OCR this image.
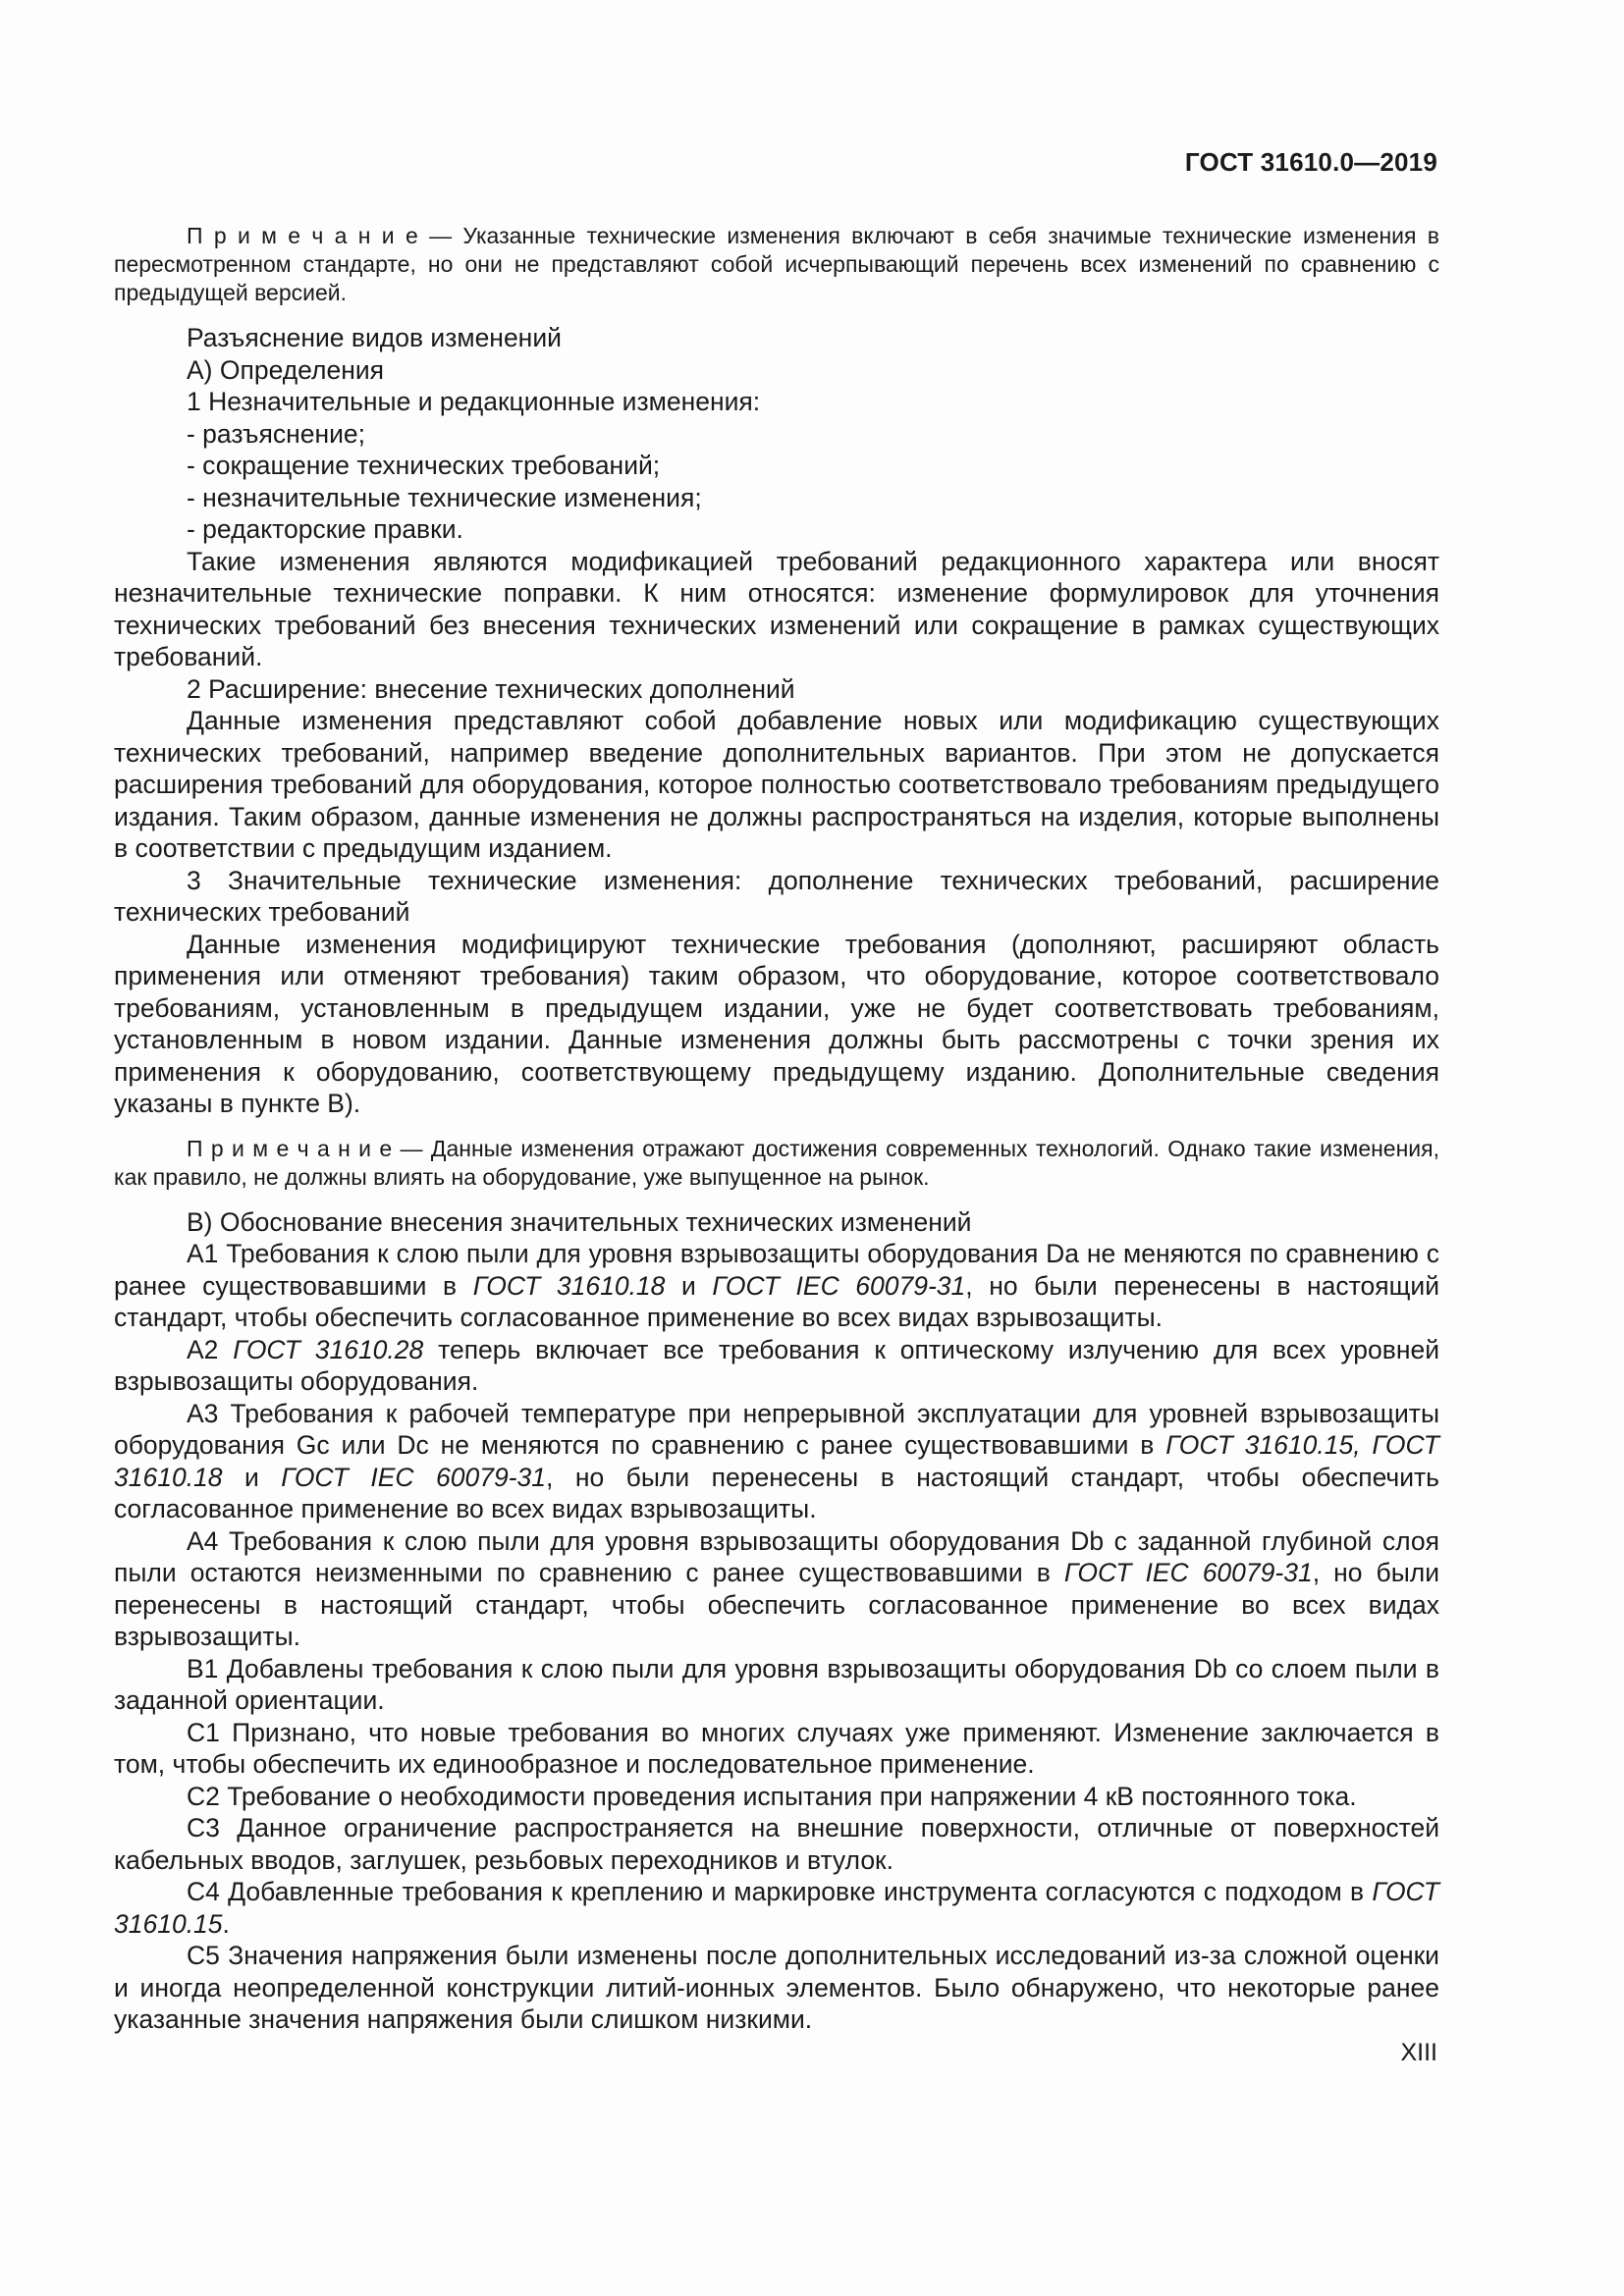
ГОСТ 31610.0—2019

П р и м е ч а н и е — Указанные технические изменения включают в себя значимые технические изменения в пересмотренном стандарте, но они не представляют собой исчерпывающий перечень всех изменений по сравнению с предыдущей версией.

Разъяснение видов изменений

А) Определения

1 Незначительные и редакционные изменения:

- разъяснение;

- сокращение технических требований;

- незначительные технические изменения;

- редакторские правки.

Такие изменения являются модификацией требований редакционного характера или вносят незначительные технические поправки. К ним относятся: изменение формулировок для уточнения технических требований без внесения технических изменений или сокращение в рамках существующих требований.

2 Расширение: внесение технических дополнений

Данные изменения представляют собой добавление новых или модификацию существующих технических требований, например введение дополнительных вариантов. При этом не допускается расширения требований для оборудования, которое полностью соответствовало требованиям предыдущего издания. Таким образом, данные изменения не должны распространяться на изделия, которые выполнены в соответствии с предыдущим изданием.

3 Значительные технические изменения: дополнение технических требований, расширение технических требований

Данные изменения модифицируют технические требования (дополняют, расширяют область применения или отменяют требования) таким образом, что оборудование, которое соответствовало требованиям, установленным в предыдущем издании, уже не будет соответствовать требованиям, установленным в новом издании. Данные изменения должны быть рассмотрены с точки зрения их применения к оборудованию, соответствующему предыдущему изданию. Дополнительные сведения указаны в пункте В).

П р и м е ч а н и е — Данные изменения отражают достижения современных технологий. Однако такие изменения, как правило, не должны влиять на оборудование, уже выпущенное на рынок.

В) Обоснование внесения значительных технических изменений

А1 Требования к слою пыли для уровня взрывозащиты оборудования Da не меняются по сравнению с ранее существовавшими в ГОСТ 31610.18 и ГОСТ IEC 60079-31, но были перенесены в настоящий стандарт, чтобы обеспечить согласованное применение во всех видах взрывозащиты.

А2 ГОСТ 31610.28 теперь включает все требования к оптическому излучению для всех уровней взрывозащиты оборудования.

А3 Требования к рабочей температуре при непрерывной эксплуатации для уровней взрывозащиты оборудования Gc или Dc не меняются по сравнению с ранее существовавшими в ГОСТ 31610.15, ГОСТ 31610.18 и ГОСТ IEC 60079-31, но были перенесены в настоящий стандарт, чтобы обеспечить согласованное применение во всех видах взрывозащиты.

А4 Требования к слою пыли для уровня взрывозащиты оборудования Db с заданной глубиной слоя пыли остаются неизменными по сравнению с ранее существовавшими в ГОСТ IEC 60079-31, но были перенесены в настоящий стандарт, чтобы обеспечить согласованное применение во всех видах взрывозащиты.

В1 Добавлены требования к слою пыли для уровня взрывозащиты оборудования Db со слоем пыли в заданной ориентации.

С1 Признано, что новые требования во многих случаях уже применяют. Изменение заключается в том, чтобы обеспечить их единообразное и последовательное применение.

С2 Требование о необходимости проведения испытания при напряжении 4 кВ постоянного тока.

С3 Данное ограничение распространяется на внешние поверхности, отличные от поверхностей кабельных вводов, заглушек, резьбовых переходников и втулок.

С4 Добавленные требования к креплению и маркировке инструмента согласуются с подходом в ГОСТ 31610.15.

С5 Значения напряжения были изменены после дополнительных исследований из-за сложной оценки и иногда неопределенной конструкции литий-ионных элементов. Было обнаружено, что некоторые ранее указанные значения напряжения были слишком низкими.

XIII
